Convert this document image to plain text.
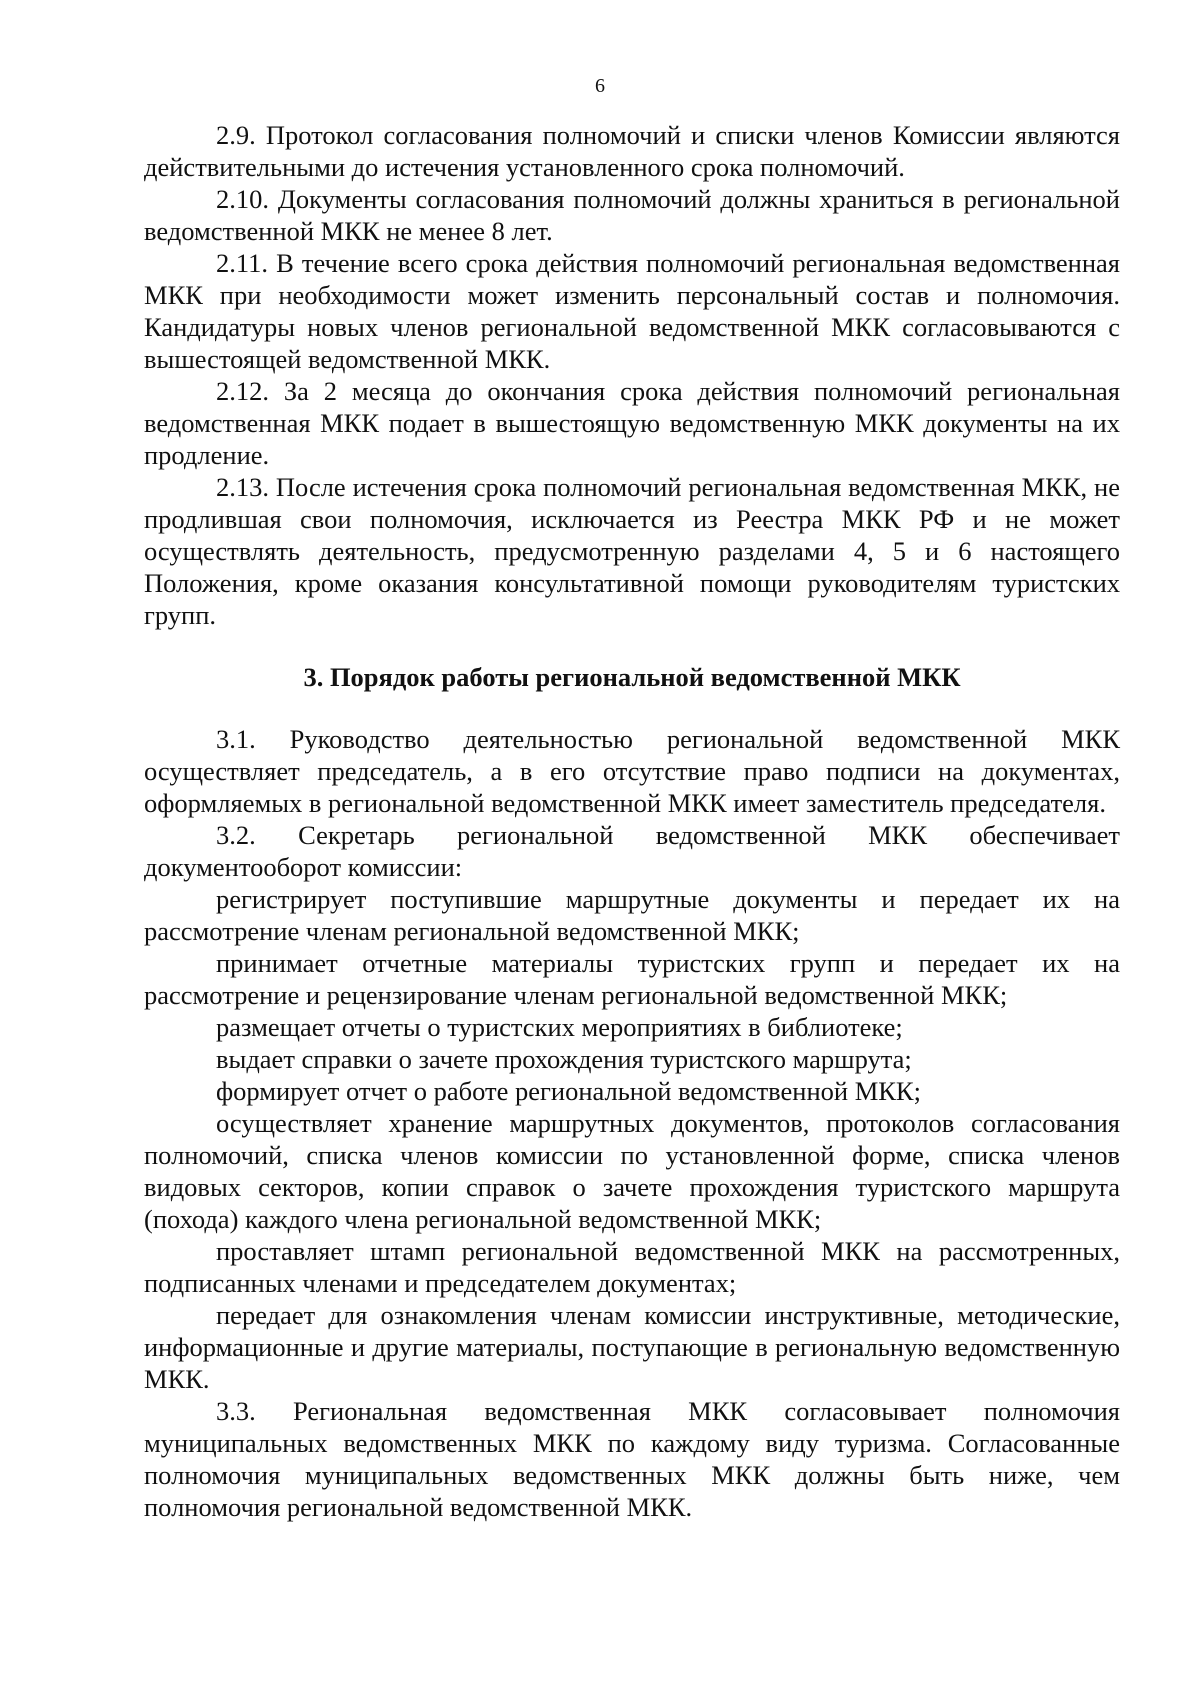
6

2.9. Протокол согласования полномочий и списки членов Комиссии являются действительными до истечения установленного срока полномочий.

2.10. Документы согласования полномочий должны храниться в региональной ведомственной МКК не менее 8 лет.

2.11. В течение всего срока действия полномочий региональная ведомственная МКК при необходимости может изменить персональный состав и полномочия. Кандидатуры новых членов региональной ведомственной МКК согласовываются с вышестоящей ведомственной МКК.

2.12. За 2 месяца до окончания срока действия полномочий региональная ведомственная МКК подает в вышестоящую ведомственную МКК документы на их продление.

2.13. После истечения срока полномочий региональная ведомственная МКК, не продлившая свои полномочия, исключается из Реестра МКК РФ и не может осуществлять деятельность, предусмотренную разделами 4, 5 и 6 настоящего Положения, кроме оказания консультативной помощи руководителям туристских групп.

3. Порядок работы региональной ведомственной МКК

3.1. Руководство деятельностью региональной ведомственной МКК осуществляет председатель, а в его отсутствие право подписи на документах, оформляемых в региональной ведомственной МКК имеет заместитель председателя.

3.2. Секретарь региональной ведомственной МКК обеспечивает документооборот комиссии:

регистрирует поступившие маршрутные документы и передает их на рассмотрение членам региональной ведомственной МКК;

принимает отчетные материалы туристских групп и передает их на рассмотрение и рецензирование членам региональной ведомственной МКК;

размещает отчеты о туристских мероприятиях в библиотеке;

выдает справки о зачете прохождения туристского маршрута;

формирует отчет о работе региональной ведомственной МКК;

осуществляет хранение маршрутных документов, протоколов согласования полномочий, списка членов комиссии по установленной форме, списка членов видовых секторов, копии справок о зачете прохождения туристского маршрута (похода) каждого члена региональной ведомственной МКК;

проставляет штамп региональной ведомственной МКК на рассмотренных, подписанных членами и председателем документах;

передает для ознакомления членам комиссии инструктивные, методические, информационные и другие материалы, поступающие в региональную ведомственную МКК.

3.3. Региональная ведомственная МКК согласовывает полномочия муниципальных ведомственных МКК по каждому виду туризма. Согласованные полномочия муниципальных ведомственных МКК должны быть ниже, чем полномочия региональной ведомственной МКК.
